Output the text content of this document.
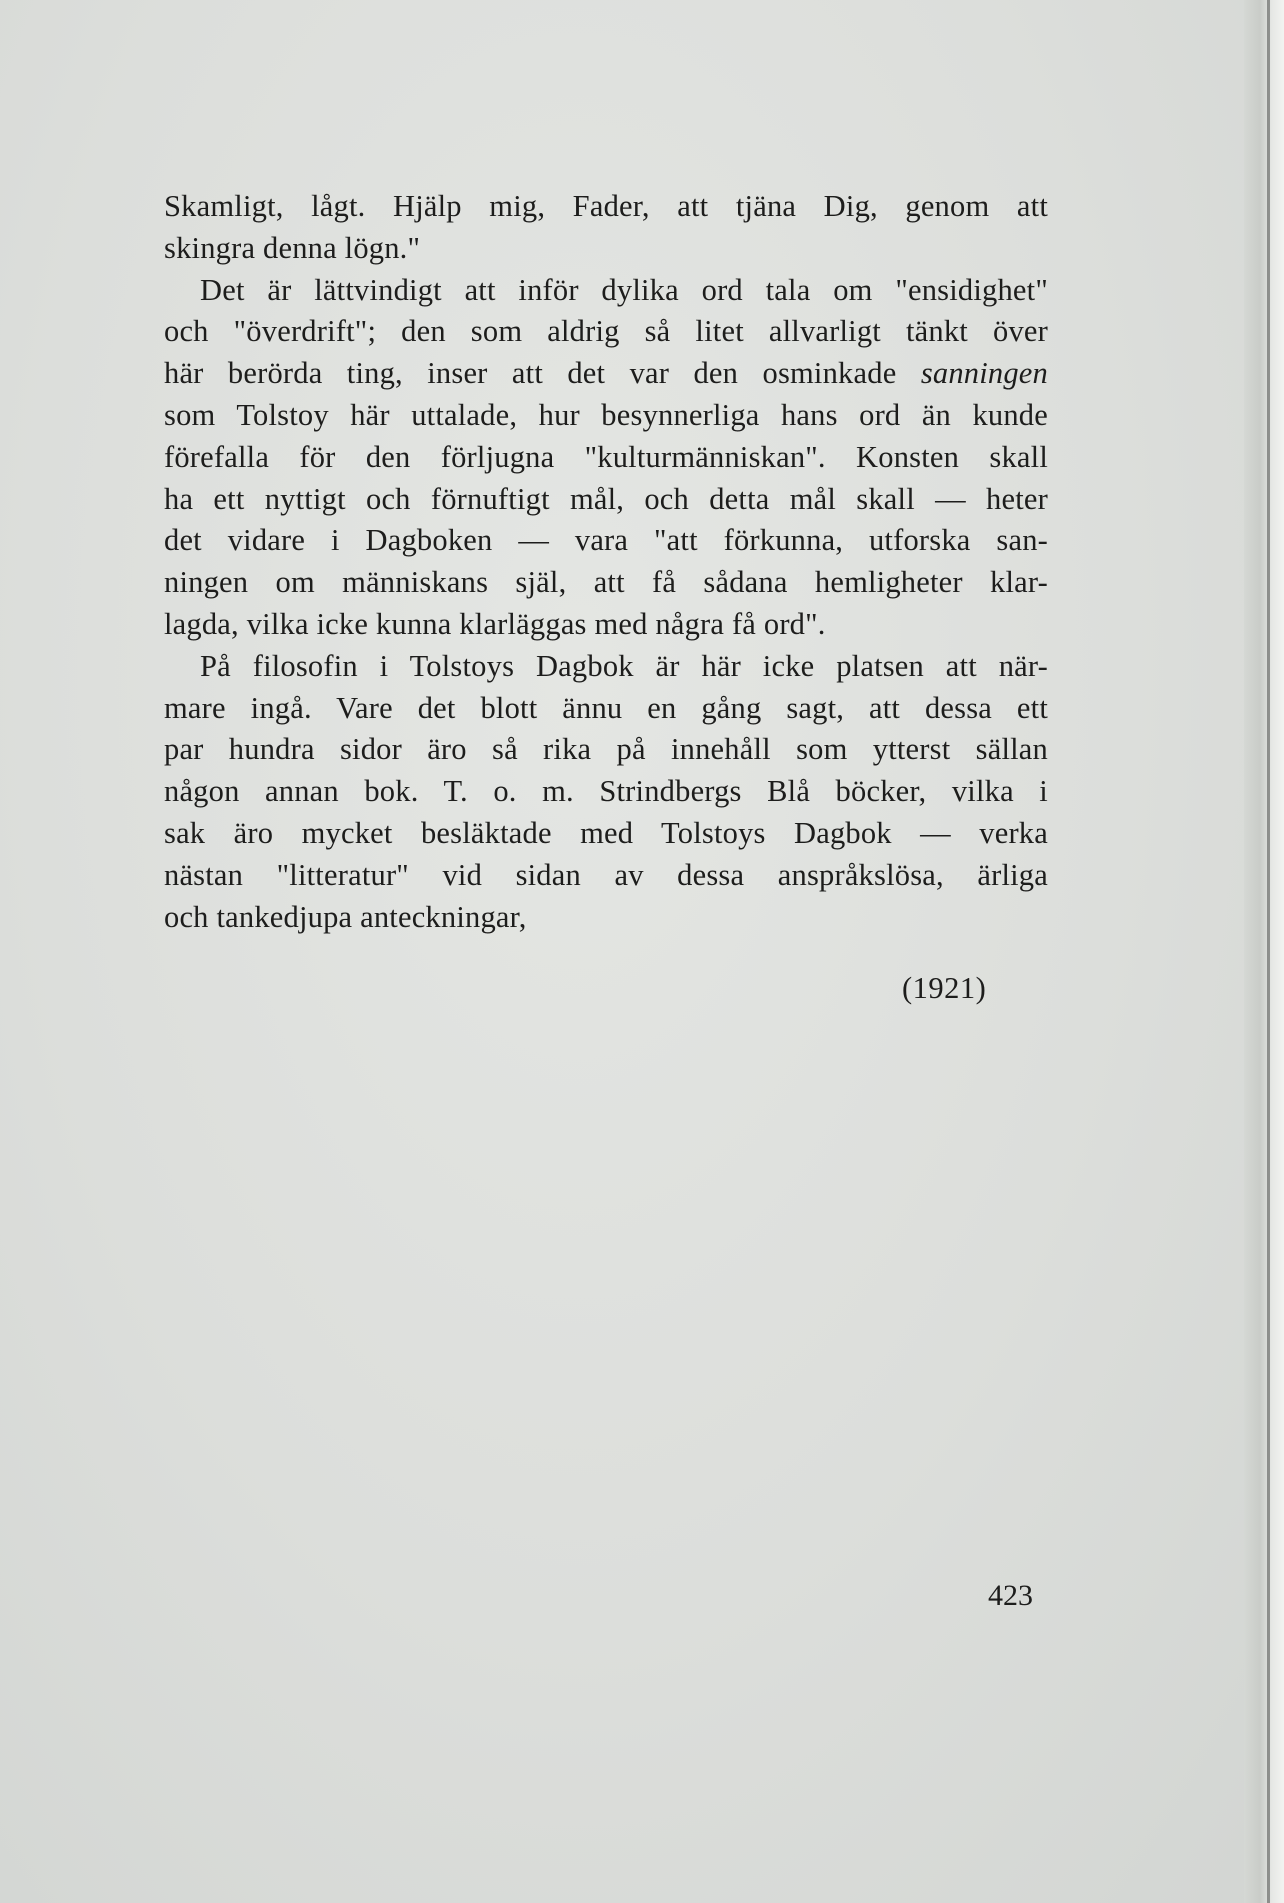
Skamligt, lågt. Hjälp mig, Fader, att tjäna Dig, genom att
skingra denna lögn."
Det är lättvindigt att inför dylika ord tala om "ensidighet"
och "överdrift"; den som aldrig så litet allvarligt tänkt över
här berörda ting, inser att det var den osminkade sanningen
som Tolstoy här uttalade, hur besynnerliga hans ord än kunde
förefalla för den förljugna "kulturmänniskan". Konsten skall
ha ett nyttigt och förnuftigt mål, och detta mål skall — heter
det vidare i Dagboken — vara "att förkunna, utforska san-
ningen om människans själ, att få sådana hemligheter klar-
lagda, vilka icke kunna klarläggas med några få ord".
På filosofin i Tolstoys Dagbok är här icke platsen att när-
mare ingå. Vare det blott ännu en gång sagt, att dessa ett
par hundra sidor äro så rika på innehåll som ytterst sällan
någon annan bok. T. o. m. Strindbergs Blå böcker, vilka i
sak äro mycket besläktade med Tolstoys Dagbok — verka
nästan "litteratur" vid sidan av dessa anspråkslösa, ärliga
och tankedjupa anteckningar,
(1921)
423
